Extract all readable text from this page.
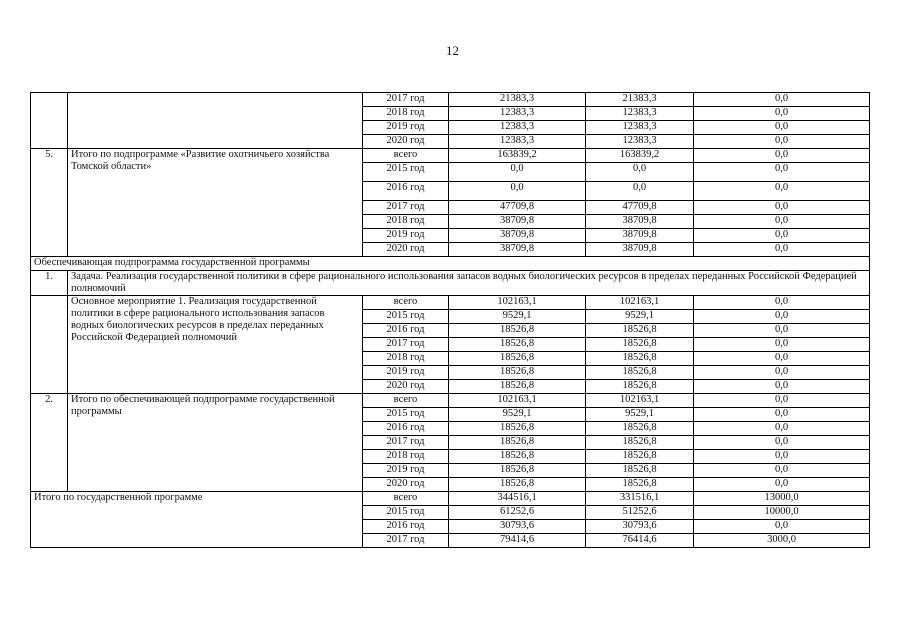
12
		2017 год	21383,3	21383,3	0,0
		2018 год	12383,3	12383,3	0,0
		2019 год	12383,3	12383,3	0,0
		2020 год	12383,3	12383,3	0,0
5.	Итого по подпрограмме «Развитие охотничьего хозяйства Томской области»	всего	163839,2	163839,2	0,0
		2015 год	0,0	0,0	0,0
		2016 год	0,0	0,0	0,0
		2017 год	47709,8	47709,8	0,0
		2018 год	38709,8	38709,8	0,0
		2019 год	38709,8	38709,8	0,0
		2020 год	38709,8	38709,8	0,0
Обеспечивающая подпрограмма государственной программы					
1.	Задача. Реализация государственной политики в сфере рационального использования запасов водных биологических ресурсов в пределах переданных Российской Федерацией полномочий				
	Основное мероприятие 1. Реализация государственной политики в сфере рационального использования запасов водных биологических ресурсов в пределах переданных Российской Федерацией полномочий	всего	102163,1	102163,1	0,0
		2015 год	9529,1	9529,1	0,0
		2016 год	18526,8	18526,8	0,0
		2017 год	18526,8	18526,8	0,0
		2018 год	18526,8	18526,8	0,0
		2019 год	18526,8	18526,8	0,0
		2020 год	18526,8	18526,8	0,0
2.	Итого по обеспечивающей подпрограмме государственной программы	всего	102163,1	102163,1	0,0
		2015 год	9529,1	9529,1	0,0
		2016 год	18526,8	18526,8	0,0
		2017 год	18526,8	18526,8	0,0
		2018 год	18526,8	18526,8	0,0
		2019 год	18526,8	18526,8	0,0
		2020 год	18526,8	18526,8	0,0
Итого по государственной программе		всего	344516,1	331516,1	13000,0
		2015 год	61252,6	51252,6	10000,0
		2016 год	30793,6	30793,6	0,0
		2017 год	79414,6	76414,6	3000,0
